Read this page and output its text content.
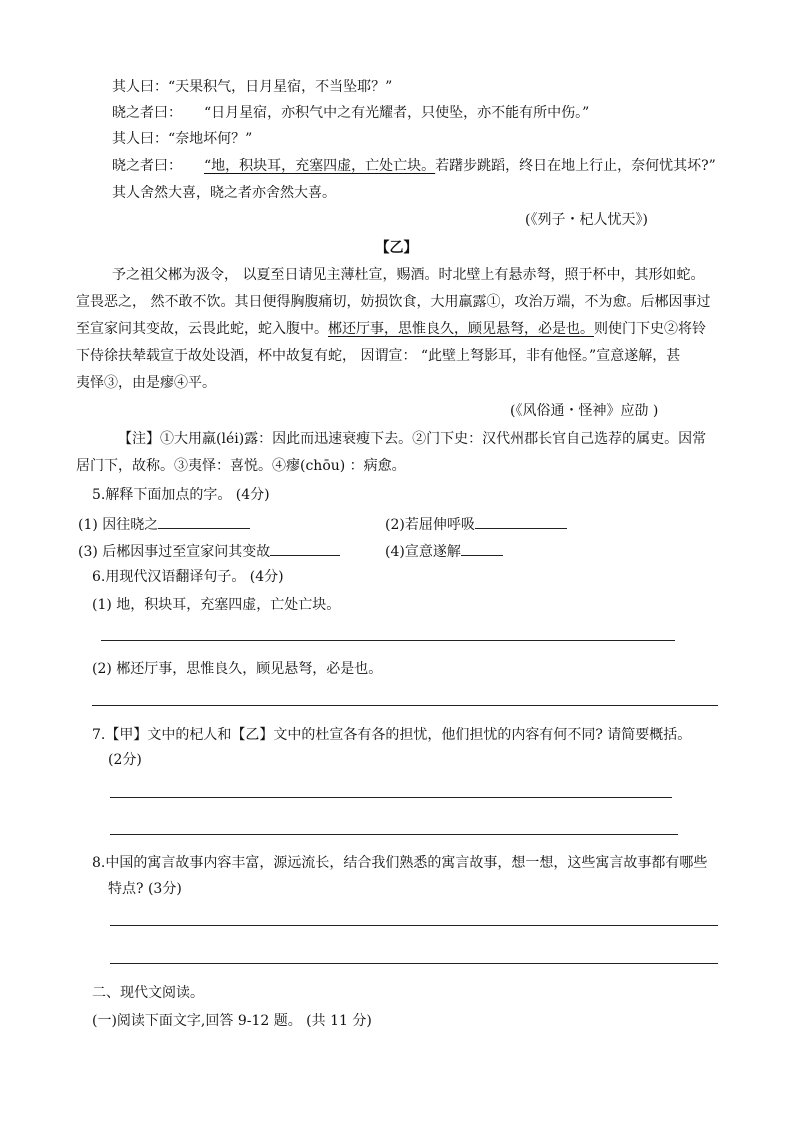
其人曰：“天果积气，日月星宿，不当坠耶？”
晓之者曰： “日月星宿，亦积气中之有光耀者，只使坠，亦不能有所中伤。”
其人曰：“奈地坏何？”
晓之者曰： “地，积块耳，充塞四虚，亡处亡块。若躇步跳蹈，终日在地上行止，奈何忧其坏?”
其人舍然大喜，晓之者亦舍然大喜。
(《列子・杞人忧天》)
【乙】
予之祖父郴为汲令， 以夏至日请见主薄杜宣，赐酒。时北壁上有悬赤弩，照于杯中，其形如蛇。
宣畏恶之， 然不敢不饮。其日便得胸腹痛切，妨损饮食，大用羸露①，攻治万端，不为愈。后郴因事过
至宣家问其变故，云畏此蛇，蛇入腹中。郴还厅事，思惟良久，顾见悬弩，必是也。则使门下史②将铃
下侍徐扶辇载宣于故处设酒，杯中故复有蛇， 因谓宣： “此壁上弩影耳，非有他怪。”宣意遂解，甚
夷怿③，由是瘳④平。
(《风俗通・怪神》应劭 )
【注】①大用羸(léi)露：因此而迅速衰瘦下去。②门下史：汉代州郡长官自己选荐的属吏。因常
居门下，故称。③夷怿：喜悦。④瘳(chōu) ：病愈。
5.解释下面加点的字。 (4分)
(1) 因往晓之	(2)若屈伸呼吸
(3) 后郴因事过至宣家问其变故	(4)宣意遂解
6.用现代汉语翻译句子。 (4分)
(1) 地，积块耳，充塞四虚，亡处亡块。
(2) 郴还厅事，思惟良久，顾见悬弩，必是也。
7.【甲】文中的杞人和【乙】文中的杜宣各有各的担忧，他们担忧的内容有何不同? 请简要概括。
(2分)
8.中国的寓言故事内容丰富，源远流长，结合我们熟悉的寓言故事，想一想，这些寓言故事都有哪些
特点? (3分)
二、现代文阅读。
(一)阅读下面文字,回答 9-12 题。 (共 11 分)
